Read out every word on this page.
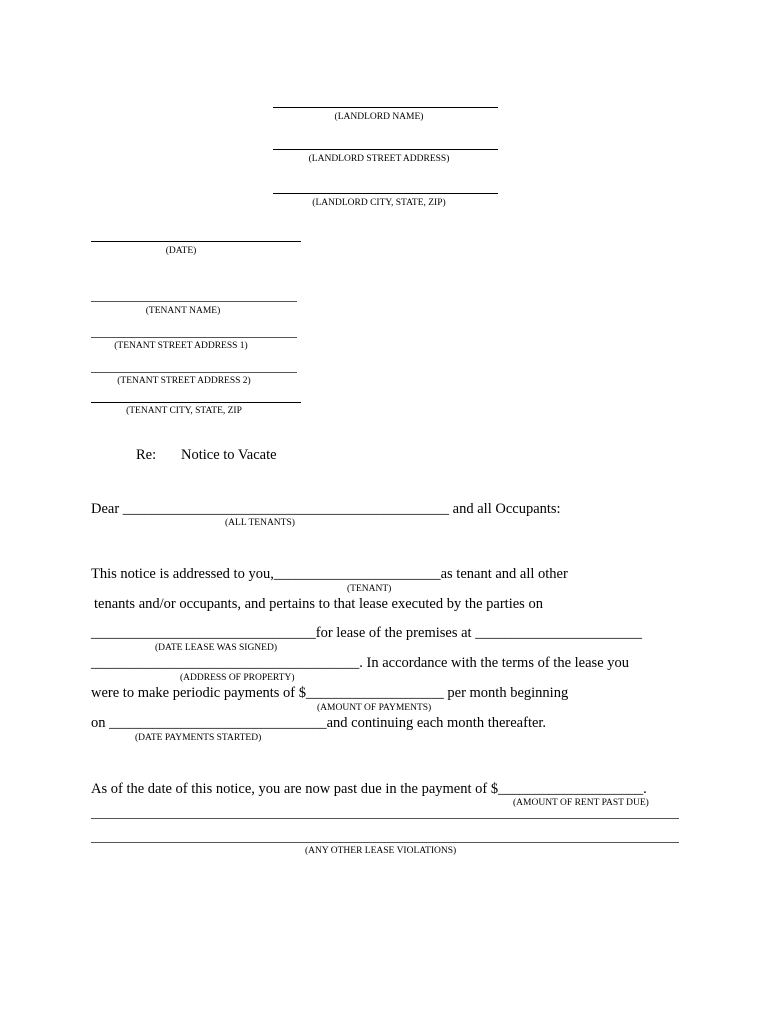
(LANDLORD NAME)
(LANDLORD STREET ADDRESS)
(LANDLORD CITY, STATE, ZIP)
(DATE)
(TENANT NAME)
(TENANT STREET ADDRESS 1)
(TENANT STREET ADDRESS 2)
(TENANT CITY, STATE, ZIP
Re: Notice to Vacate
Dear _____________________________________________ and all Occupants:
(ALL TENANTS)
This notice is addressed to you,_______________________as tenant and all other
(TENANT)
tenants and/or occupants, and pertains to that lease executed by the parties on
_______________________________for lease of the premises at _______________________
(DATE LEASE WAS SIGNED)
_____________________________________. In accordance with the terms of the lease you
(ADDRESS OF PROPERTY)
were to make periodic payments of $___________________ per month beginning
(AMOUNT OF PAYMENTS)
on ______________________________and continuing each month thereafter.
(DATE PAYMENTS STARTED)
As of the date of this notice, you are now past due in the payment of $____________________.
(AMOUNT OF RENT PAST DUE)
(ANY OTHER LEASE VIOLATIONS)
